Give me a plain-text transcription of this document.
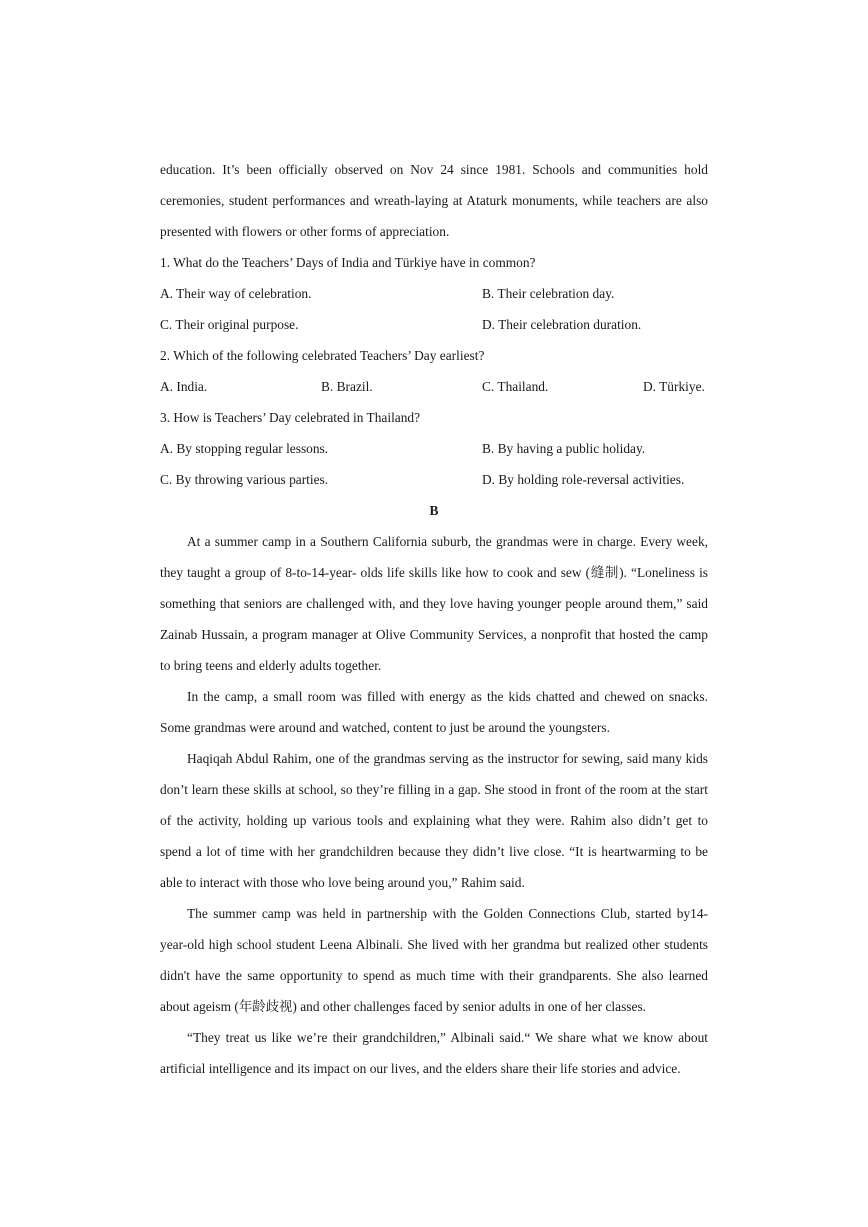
education. It’s been officially observed on Nov 24 since 1981. Schools and communities hold ceremonies, student performances and wreath-laying at Ataturk monuments, while teachers are also presented with flowers or other forms of appreciation.

1. What do the Teachers’ Days of India and Türkiye have in common?

A. Their way of celebration.	B. Their celebration day.
C. Their original purpose.	D. Their celebration duration.

2. Which of the following celebrated Teachers’ Day earliest?

A. India.	B. Brazil.	C. Thailand.	D. Türkiye.

3. How is Teachers’ Day celebrated in Thailand?

A. By stopping regular lessons.	B. By having a public holiday.
C. By throwing various parties.	D. By holding role-reversal activities.

B

At a summer camp in a Southern California suburb, the grandmas were in charge. Every week, they taught a group of 8-to-14-year- olds life skills like how to cook and sew (缝制). “Loneliness is something that seniors are challenged with, and they love having younger people around them,” said Zainab Hussain, a program manager at Olive Community Services, a nonprofit that hosted the camp to bring teens and elderly adults together.

In the camp, a small room was filled with energy as the kids chatted and chewed on snacks. Some grandmas were around and watched, content to just be around the youngsters.

Haqiqah Abdul Rahim, one of the grandmas serving as the instructor for sewing, said many kids don’t learn these skills at school, so they’re filling in a gap. She stood in front of the room at the start of the activity, holding up various tools and explaining what they were. Rahim also didn’t get to spend a lot of time with her grandchildren because they didn’t live close. “It is heartwarming to be able to interact with those who love being around you,” Rahim said.

The summer camp was held in partnership with the Golden Connections Club, started by14-year-old high school student Leena Albinali. She lived with her grandma but realized other students didn't have the same opportunity to spend as much time with their grandparents. She also learned about ageism (年龄歧视) and other challenges faced by senior adults in one of her classes.

“They treat us like we’re their grandchildren,” Albinali said.“ We share what we know about artificial intelligence and its impact on our lives, and the elders share their life stories and advice.
